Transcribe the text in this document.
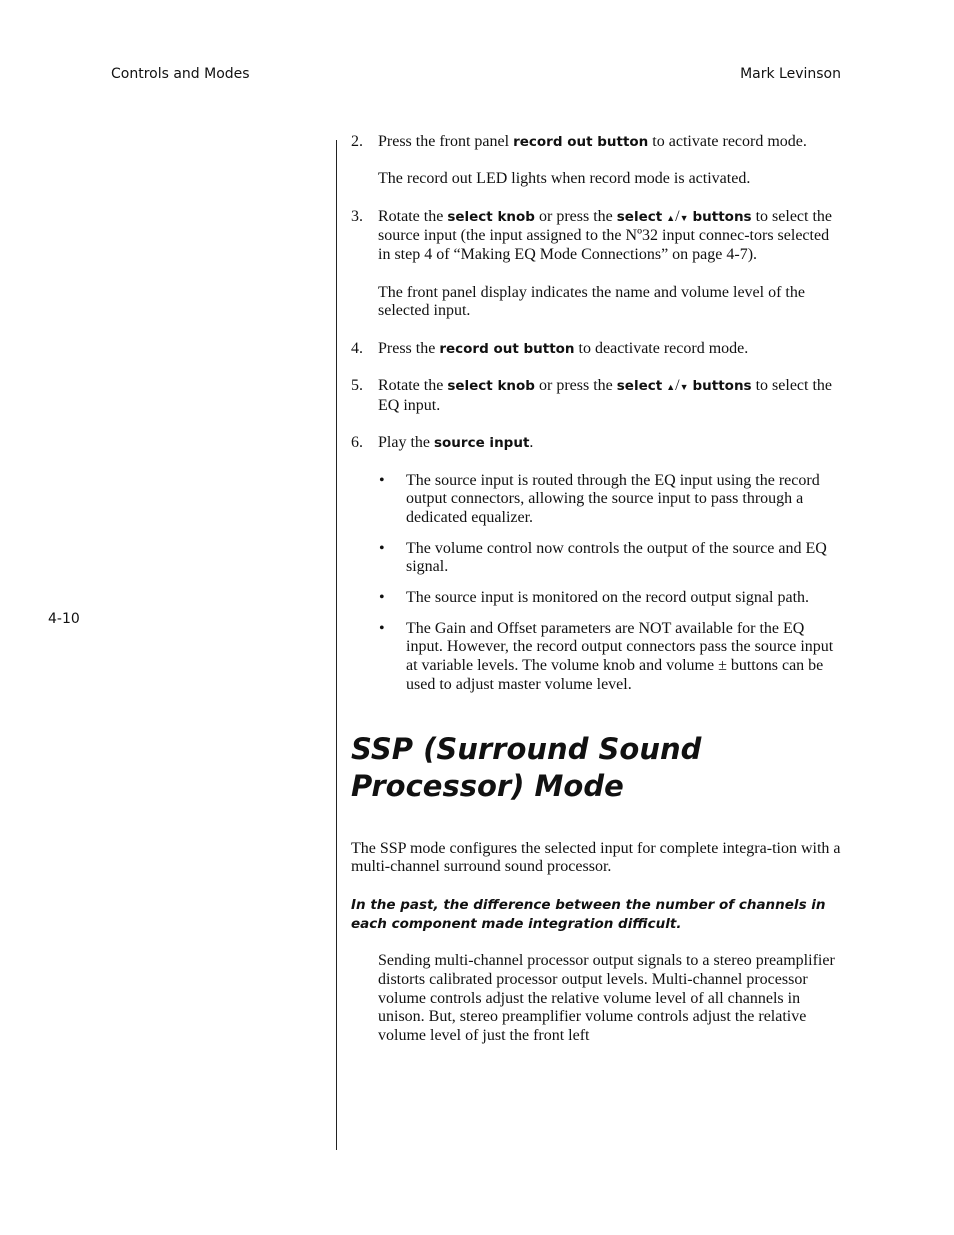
Controls and Modes	Mark Levinson
4-10
2. Press the front panel record out button to activate record mode.
The record out LED lights when record mode is activated.
3. Rotate the select knob or press the select ▲/▼ buttons to select the source input (the input assigned to the Nº32 input connec-tors selected in step 4 of “Making EQ Mode Connections” on page 4-7).
The front panel display indicates the name and volume level of the selected input.
4. Press the record out button to deactivate record mode.
5. Rotate the select knob or press the select ▲/▼ buttons to select the EQ input.
6. Play the source input.
• The source input is routed through the EQ input using the record output connectors, allowing the source input to pass through a dedicated equalizer.
• The volume control now controls the output of the source and EQ signal.
• The source input is monitored on the record output signal path.
• The Gain and Offset parameters are NOT available for the EQ input. However, the record output connectors pass the source input at variable levels. The volume knob and volume ± buttons can be used to adjust master volume level.
SSP (Surround Sound Processor) Mode

The SSP mode configures the selected input for complete integra-tion with a multi-channel surround sound processor.

In the past, the difference between the number of channels in each component made integration difficult.

Sending multi-channel processor output signals to a stereo preamplifier distorts calibrated processor output levels. Multi-channel processor volume controls adjust the relative volume level of all channels in unison. But, stereo preamplifier volume controls adjust the relative volume level of just the front left
